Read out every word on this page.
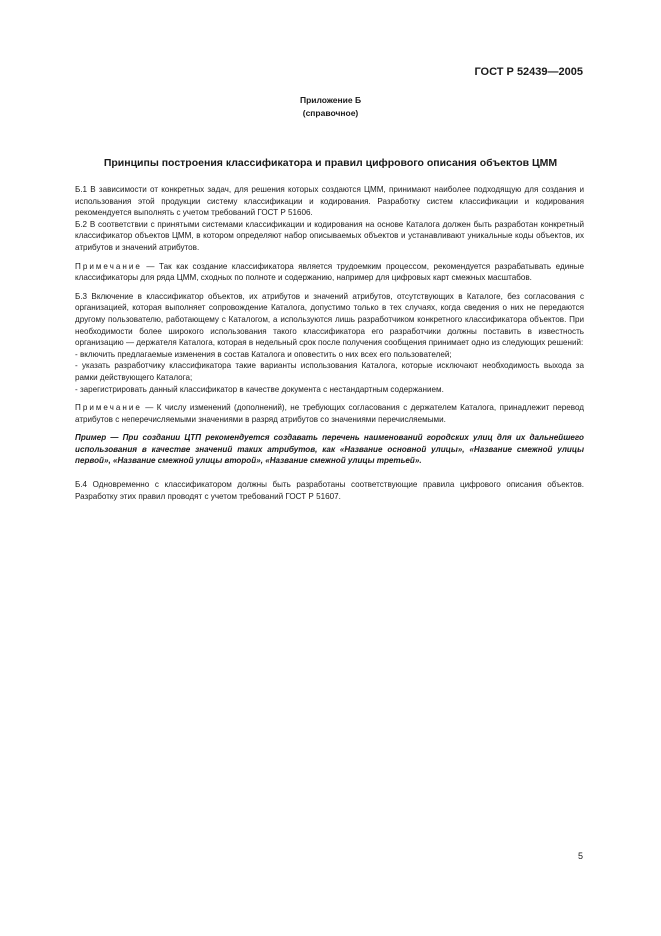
ГОСТ Р 52439—2005
Приложение Б
(справочное)
Принципы построения классификатора и правил цифрового описания объектов ЦММ

Б.1 В зависимости от конкретных задач, для решения которых создаются ЦММ, принимают наиболее подходящую для создания и использования этой продукции систему классификации и кодирования. Разработку систем классификации и кодирования рекомендуется выполнять с учетом требований ГОСТ Р 51606.

Б.2 В соответствии с принятыми системами классификации и кодирования на основе Каталога должен быть разработан конкретный классификатор объектов ЦММ, в котором определяют набор описываемых объектов и устанавливают уникальные коды объектов, их атрибутов и значений атрибутов.

Примечание — Так как создание классификатора является трудоемким процессом, рекомендуется разрабатывать единые классификаторы для ряда ЦММ, сходных по полноте и содержанию, например для цифровых карт смежных масштабов.

Б.3 Включение в классификатор объектов, их атрибутов и значений атрибутов, отсутствующих в Каталоге, без согласования с организацией, которая выполняет сопровождение Каталога, допустимо только в тех случаях, когда сведения о них не передаются другому пользователю, работающему с Каталогом, а используются лишь разработчиком конкретного классификатора объектов. При необходимости более широкого использования такого классификатора его разработчики должны поставить в известность организацию — держателя Каталога, которая в недельный срок после получения сообщения принимает одно из следующих решений:

- включить предлагаемые изменения в состав Каталога и оповестить о них всех его пользователей;

- указать разработчику классификатора такие варианты использования Каталога, которые исключают необходимость выхода за рамки действующего Каталога;

- зарегистрировать данный классификатор в качестве документа с нестандартным содержанием.

Примечание — К числу изменений (дополнений), не требующих согласования с держателем Каталога, принадлежит перевод атрибутов с неперечисляемыми значениями в разряд атрибутов со значениями перечисляемыми.

Пример — При создании ЦТП рекомендуется создавать перечень наименований городских улиц для их дальнейшего использования в качестве значений таких атрибутов, как «Название основной улицы», «Название смежной улицы первой», «Название смежной улицы второй», «Название смежной улицы третьей».

Б.4 Одновременно с классификатором должны быть разработаны соответствующие правила цифрового описания объектов. Разработку этих правил проводят с учетом требований ГОСТ Р 51607.

5
